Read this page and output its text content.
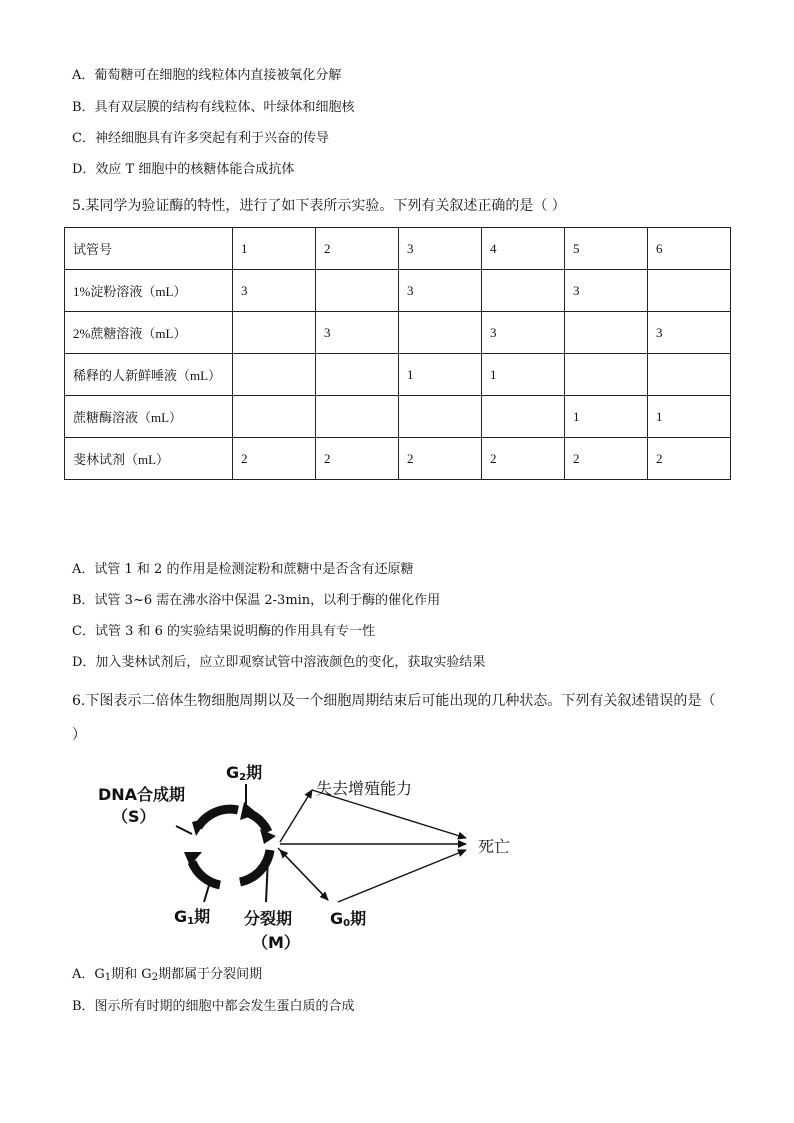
A．葡萄糖可在细胞的线粒体内直接被氧化分解
B．具有双层膜的结构有线粒体、叶绿体和细胞核
C．神经细胞具有许多突起有利于兴奋的传导
D．效应 T 细胞中的核糖体能合成抗体
5.某同学为验证酶的特性，进行了如下表所示实验。下列有关叙述正确的是（ ）
试管号	1	2	3	4	5	6
1%淀粉溶液（mL）	3		3		3	
2%蔗糖溶液（mL）		3		3		3
稀释的人新鲜唾液（mL）			1	1		
蔗糖酶溶液（mL）					1	1
斐林试剂（mL）	2	2	2	2	2	2
A．试管 1 和 2 的作用是检测淀粉和蔗糖中是否含有还原糖
B．试管 3~6 需在沸水浴中保温 2-3min，以利于酶的催化作用
C．试管 3 和 6 的实验结果说明酶的作用具有专一性
D．加入斐林试剂后，应立即观察试管中溶液颜色的变化，获取实验结果
6.下图表示二倍体生物细胞周期以及一个细胞周期结束后可能出现的几种状态。下列有关叙述错误的是（
）
DNA合成期
（S）
$G_2$期
$G_1$期 分裂期
（M）
$G_0$期
失去增殖能力
死亡
A．$G_1$期和 $G_2$期都属于分裂间期
B．图示所有时期的细胞中都会发生蛋白质的合成
